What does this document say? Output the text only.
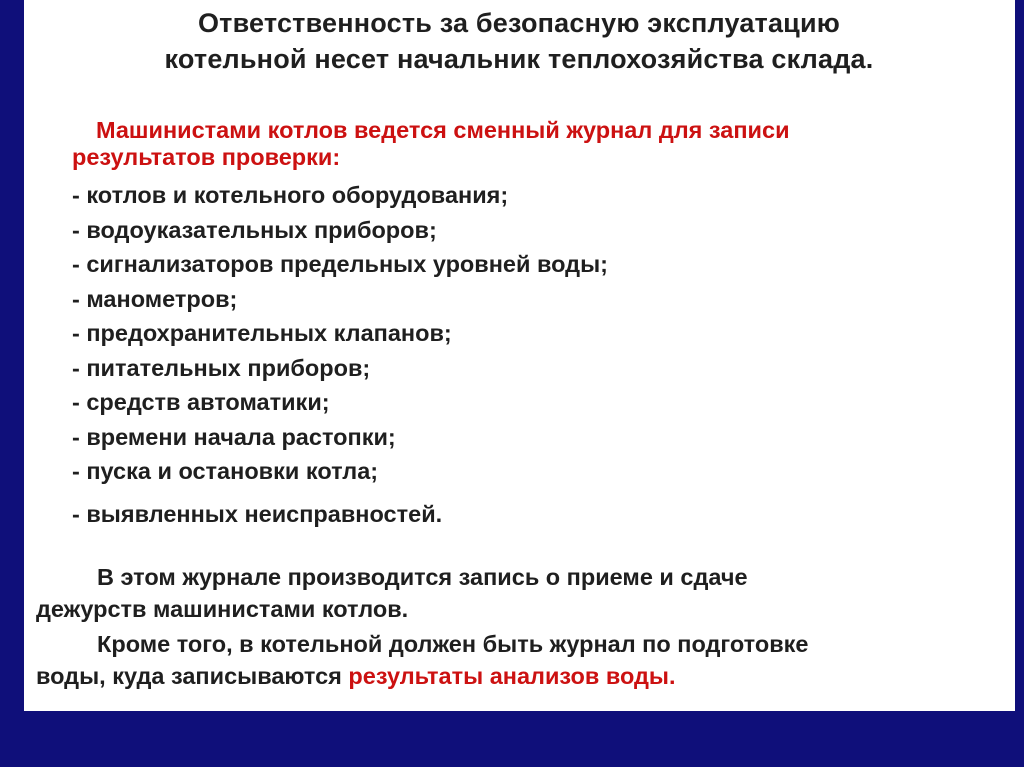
Ответственность за безопасную эксплуатацию
котельной несет начальник теплохозяйства склада.
Машинистами котлов ведется сменный журнал для записи
результатов проверки:
- котлов и котельного оборудования;
- водоуказательных приборов;
- сигнализаторов предельных уровней воды;
- манометров;
- предохранительных клапанов;
- питательных приборов;
- средств автоматики;
- времени начала растопки;
- пуска и остановки котла;
- выявленных неисправностей.
В этом журнале производится запись о приеме и сдаче
дежурств машинистами котлов.
Кроме того, в котельной должен быть журнал по подготовке
воды, куда записываются результаты анализов воды.
